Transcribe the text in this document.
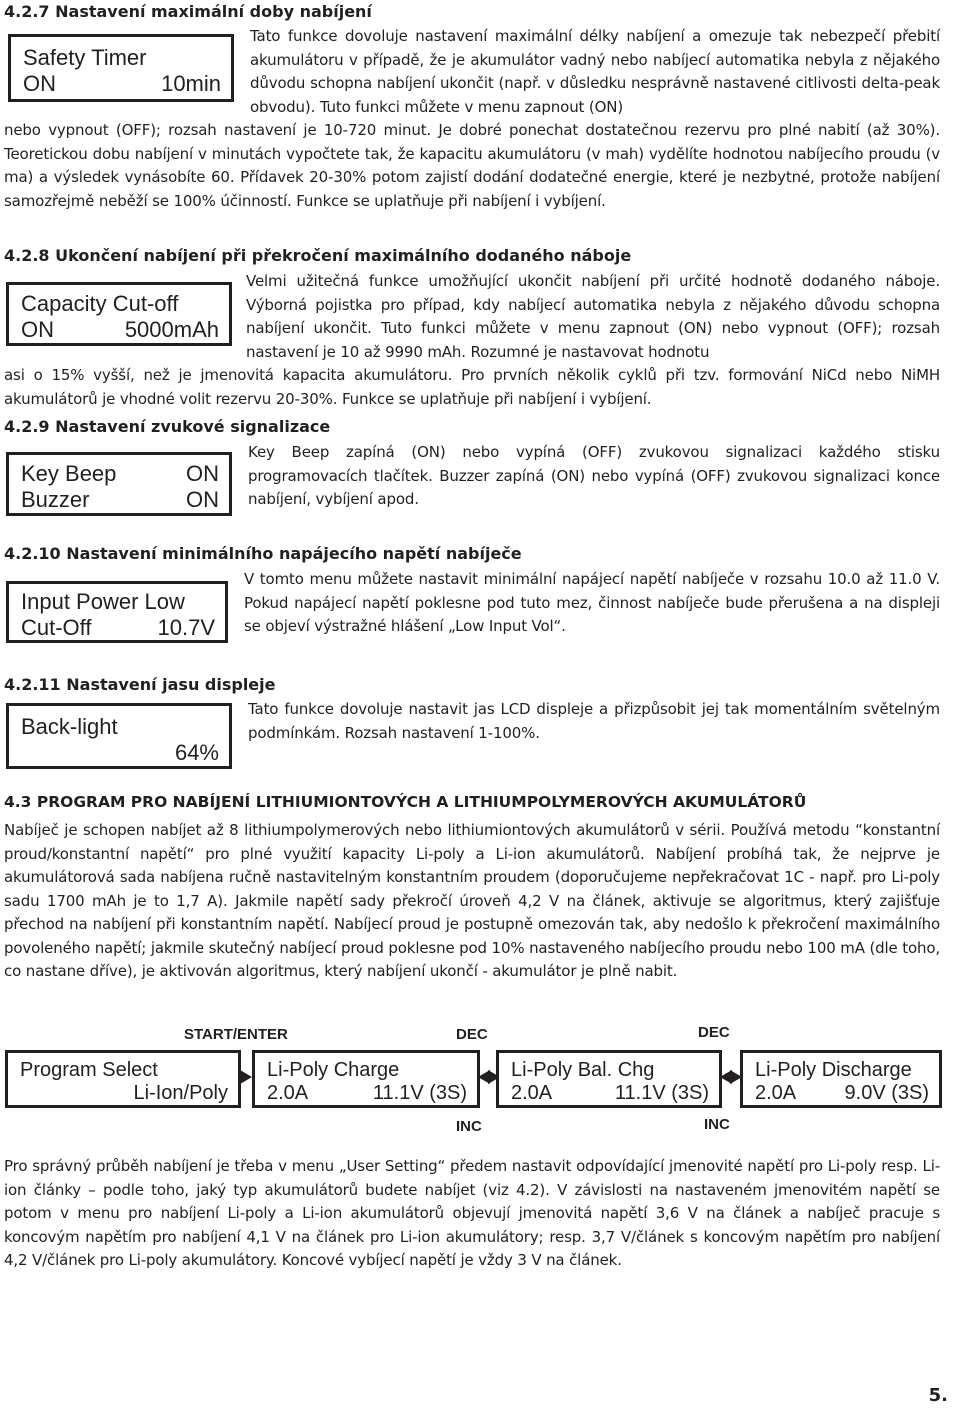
4.2.7 Nastavení maximální doby nabíjení
Safety Timer
ON	10min
Tato funkce dovoluje nastavení maximální délky nabíjení a omezuje tak nebezpečí přebití akumulátoru v případě, že je akumulátor vadný nebo nabíjecí automatika nebyla z nějakého důvodu schopna nabíjení ukončit (např. v důsledku nesprávně nastavené citlivosti delta-peak obvodu). Tuto funkci můžete v menu zapnout (ON)
nebo vypnout (OFF); rozsah nastavení je 10-720 minut. Je dobré ponechat dostatečnou rezervu pro plné nabití (až 30%). Teoretickou dobu nabíjení v minutách vypočtete tak, že kapacitu akumulátoru (v mah) vydělíte hodnotou nabíjecího proudu (v ma) a výsledek vynásobíte 60. Přídavek 20-30% potom zajistí dodání dodatečné energie, které je nezbytné, protože nabíjení samozřejmě neběží se 100% účinností. Funkce se uplatňuje při nabíjení i vybíjení.
4.2.8 Ukončení nabíjení při překročení maximálního dodaného náboje
Capacity Cut-off
ON	5000mAh
Velmi užitečná funkce umožňující ukončit nabíjení při určité hodnotě dodaného náboje. Výborná pojistka pro případ, kdy nabíjecí automatika nebyla z nějakého důvodu schopna nabíjení ukončit. Tuto funkci můžete v menu zapnout (ON) nebo vypnout (OFF); rozsah nastavení je 10 až 9990 mAh. Rozumné je nastavovat hodnotu
asi o 15% vyšší, než je jmenovitá kapacita akumulátoru. Pro prvních několik cyklů při tzv. formování NiCd nebo NiMH akumulátorů je vhodné volit rezervu 20-30%. Funkce se uplatňuje při nabíjení i vybíjení.
4.2.9 Nastavení zvukové signalizace
Key Beep	ON
Buzzer	ON
Key Beep zapíná (ON) nebo vypíná (OFF) zvukovou signalizaci každého stisku programovacích tlačítek. Buzzer zapíná (ON) nebo vypíná (OFF) zvukovou signalizaci konce nabíjení, vybíjení apod.
4.2.10 Nastavení minimálního napájecího napětí nabíječe
Input Power Low
Cut-Off	10.7V
V tomto menu můžete nastavit minimální napájecí napětí nabíječe v rozsahu 10.0 až 11.0 V. Pokud napájecí napětí poklesne pod tuto mez, činnost nabíječe bude přerušena a na displeji se objeví výstražné hlášení „Low Input Vol“.
4.2.11 Nastavení jasu displeje
Back-light
64%
Tato funkce dovoluje nastavit jas LCD displeje a přizpůsobit jej tak momentálním světelným podmínkám. Rozsah nastavení 1-100%.
4.3 PROGRAM PRO NABÍJENÍ LITHIUMIONTOVÝCH A LITHIUMPOLYMEROVÝCH AKUMULÁTORŮ
Nabíječ je schopen nabíjet až 8 lithiumpolymerových nebo lithiumiontových akumulátorů v sérii. Používá metodu “konstantní proud/konstantní napětí“ pro plné využití kapacity Li-poly a Li-ion akumulátorů. Nabíjení probíhá tak, že nejprve je akumulátorová sada nabíjena ručně nastavitelným konstantním proudem (doporučujeme nepřekračovat 1C - např. pro Li-poly sadu 1700 mAh je to 1,7 A). Jakmile napětí sady překročí úroveň 4,2 V na článek, aktivuje se algoritmus, který zajišťuje přechod na nabíjení při konstantním napětí. Nabíjecí proud je postupně omezován tak, aby nedošlo k překročení maximálního povoleného napětí; jakmile skutečný nabíjecí proud poklesne pod 10% nastaveného nabíjecího proudu nebo 100 mA (dle toho, co nastane dříve), je aktivován algoritmus, který nabíjení ukončí - akumulátor je plně nabit.
START/ENTER	DEC	DEC
INC	INC
Program Select
Li-Ion/Poly
Li-Poly Charge
2.0A	11.1V (3S)
Li-Poly Bal. Chg
2.0A	11.1V (3S)
Li-Poly Discharge
2.0A 9.0V (3S)
Pro správný průběh nabíjení je třeba v menu „User Setting“ předem nastavit odpovídající jmenovité napětí pro Li-poly resp. Li-ion články – podle toho, jaký typ akumulátorů budete nabíjet (viz 4.2). V závislosti na nastaveném jmenovitém napětí se potom v menu pro nabíjení Li-poly a Li-ion akumulátorů objevují jmenovitá napětí 3,6 V na článek a nabíječ pracuje s koncovým napětím pro nabíjení 4,1 V na článek pro Li-ion akumulátory; resp. 3,7 V/článek s koncovým napětím pro nabíjení 4,2 V/článek pro Li-poly akumulátory. Koncové vybíjecí napětí je vždy 3 V na článek.
5.
